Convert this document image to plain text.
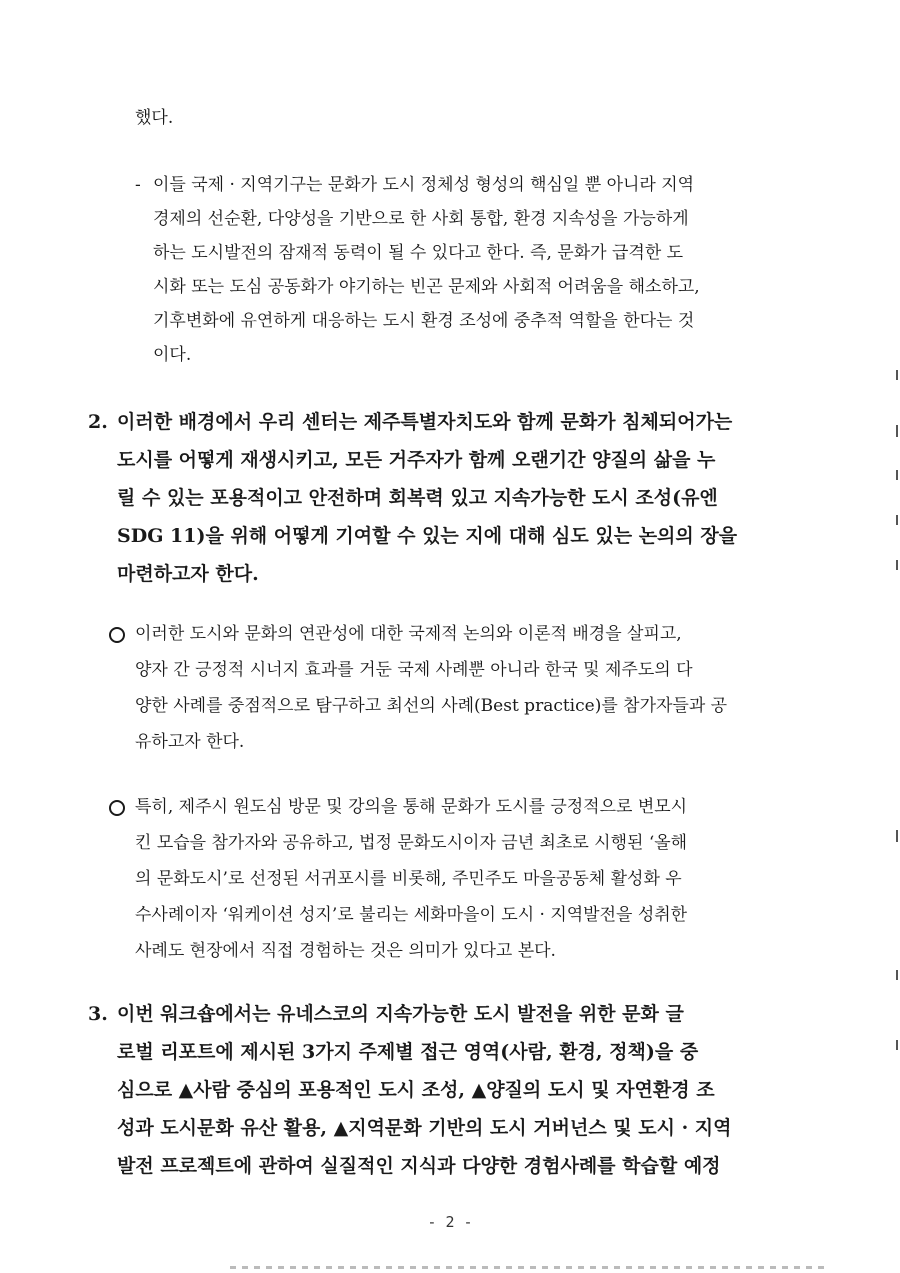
했다.
- 이들 국제 · 지역기구는 문화가 도시 정체성 형성의 핵심일 뿐 아니라 지역
경제의 선순환, 다양성을 기반으로 한 사회 통합, 환경 지속성을 가능하게
하는 도시발전의 잠재적 동력이 될 수 있다고 한다. 즉, 문화가 급격한 도
시화 또는 도심 공동화가 야기하는 빈곤 문제와 사회적 어려움을 해소하고,
기후변화에 유연하게 대응하는 도시 환경 조성에 중추적 역할을 한다는 것
이다.
2. 이러한 배경에서 우리 센터는 제주특별자치도와 함께 문화가 침체되어가는
도시를 어떻게 재생시키고, 모든 거주자가 함께 오랜기간 양질의 삶을 누
릴 수 있는 포용적이고 안전하며 회복력 있고 지속가능한 도시 조성(유엔
SDG 11)을 위해 어떻게 기여할 수 있는 지에 대해 심도 있는 논의의 장을
마련하고자 한다.
이러한 도시와 문화의 연관성에 대한 국제적 논의와 이론적 배경을 살피고,
양자 간 긍정적 시너지 효과를 거둔 국제 사례뿐 아니라 한국 및 제주도의 다
양한 사례를 중점적으로 탐구하고 최선의 사례(Best practice)를 참가자들과 공
유하고자 한다.
특히, 제주시 원도심 방문 및 강의을 통해 문화가 도시를 긍정적으로 변모시
킨 모습을 참가자와 공유하고, 법정 문화도시이자 금년 최초로 시행된 ‘올해
의 문화도시’로 선정된 서귀포시를 비롯해, 주민주도 마을공동체 활성화 우
수사례이자 ‘워케이션 성지’로 불리는 세화마을이 도시 · 지역발전을 성취한
사례도 현장에서 직접 경험하는 것은 의미가 있다고 본다.
3. 이번 워크숍에서는 유네스코의 지속가능한 도시 발전을 위한 문화 글
로벌 리포트에 제시된 3가지 주제별 접근 영역(사람, 환경, 정책)을 중
심으로 ▲사람 중심의 포용적인 도시 조성, ▲양질의 도시 및 자연환경 조
성과 도시문화 유산 활용, ▲지역문화 기반의 도시 거버넌스 및 도시 · 지역
발전 프로젝트에 관하여 실질적인 지식과 다양한 경험사례를 학습할 예정
- 2 -
